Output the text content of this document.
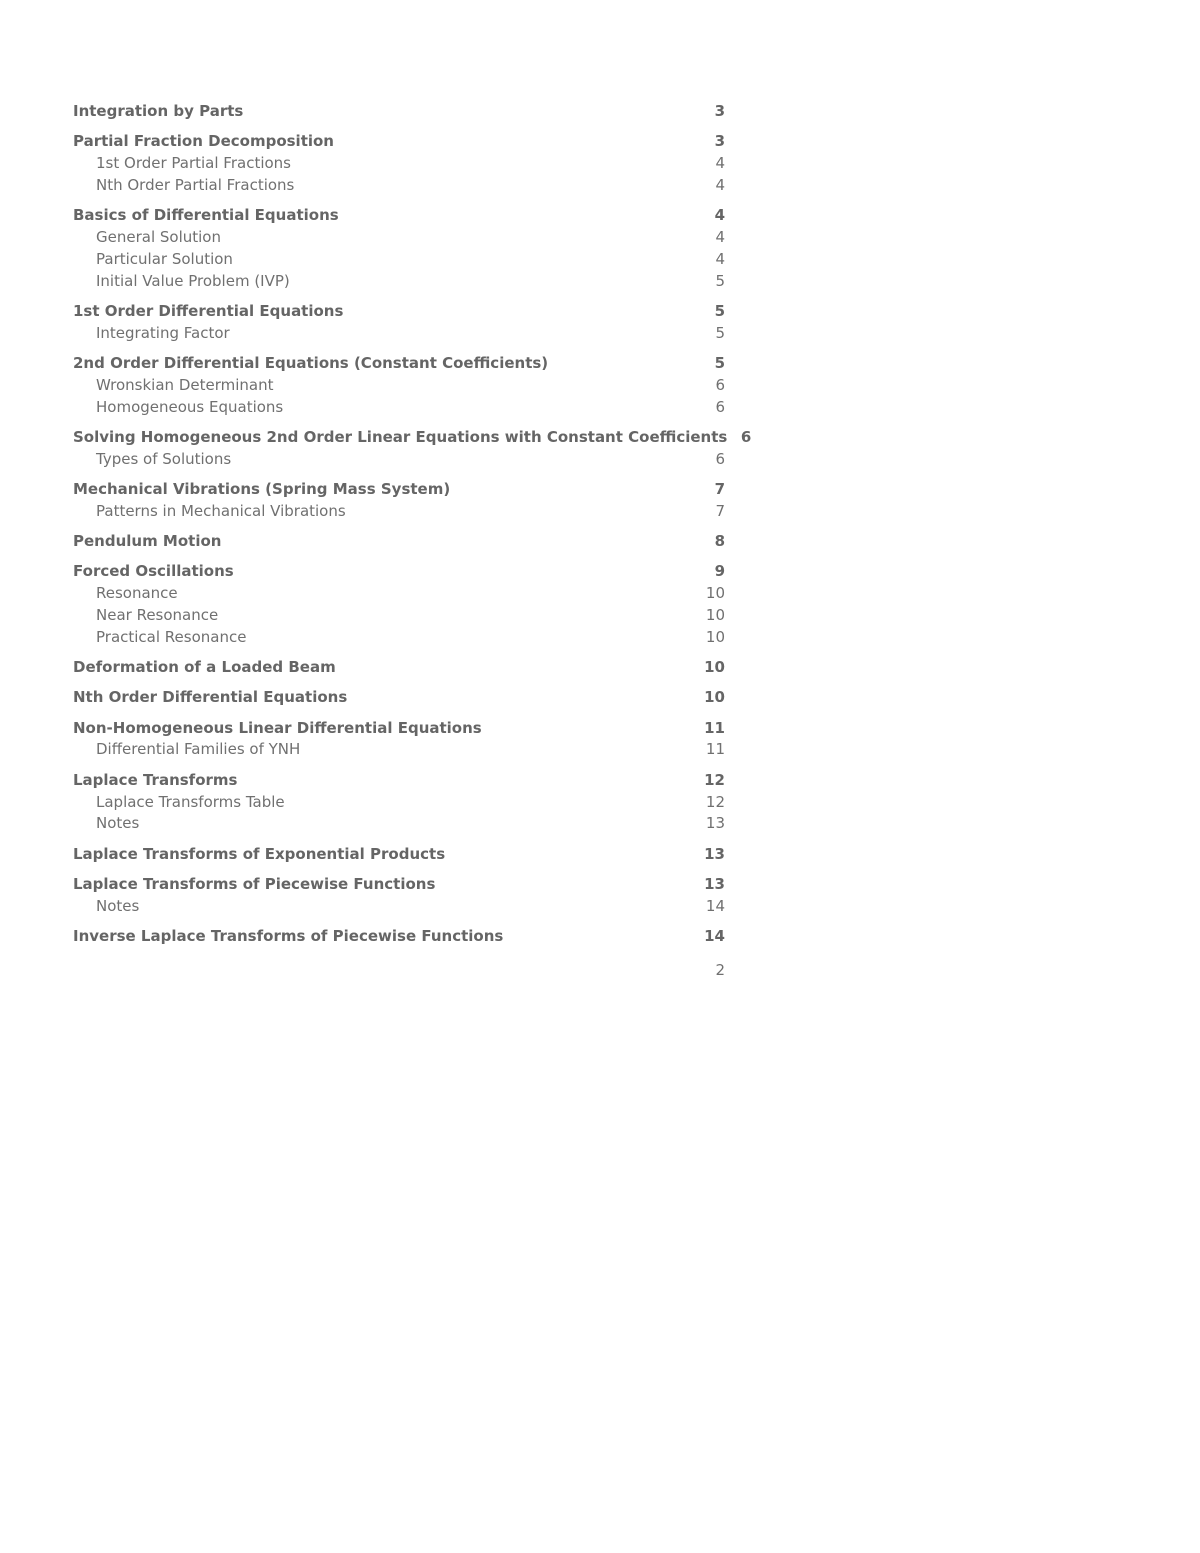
Integration by Parts	3
Partial Fraction Decomposition	3
1st Order Partial Fractions	4
Nth Order Partial Fractions	4
Basics of Differential Equations	4
General Solution	4
Particular Solution	4
Initial Value Problem (IVP)	5
1st Order Differential Equations	5
Integrating Factor	5
2nd Order Differential Equations (Constant Coefficients)	5
Wronskian Determinant	6
Homogeneous Equations	6
Solving Homogeneous 2nd Order Linear Equations with Constant Coefficients 6
Types of Solutions	6
Mechanical Vibrations (Spring Mass System)	7
Patterns in Mechanical Vibrations	7
Pendulum Motion	8
Forced Oscillations	9
Resonance	10
Near Resonance	10
Practical Resonance	10
Deformation of a Loaded Beam	10
Nth Order Differential Equations	10
Non-Homogeneous Linear Differential Equations	11
Differential Families of YNH	11
Laplace Transforms	12
Laplace Transforms Table	12
Notes	13
Laplace Transforms of Exponential Products	13
Laplace Transforms of Piecewise Functions	13
Notes	14
Inverse Laplace Transforms of Piecewise Functions	14
2
